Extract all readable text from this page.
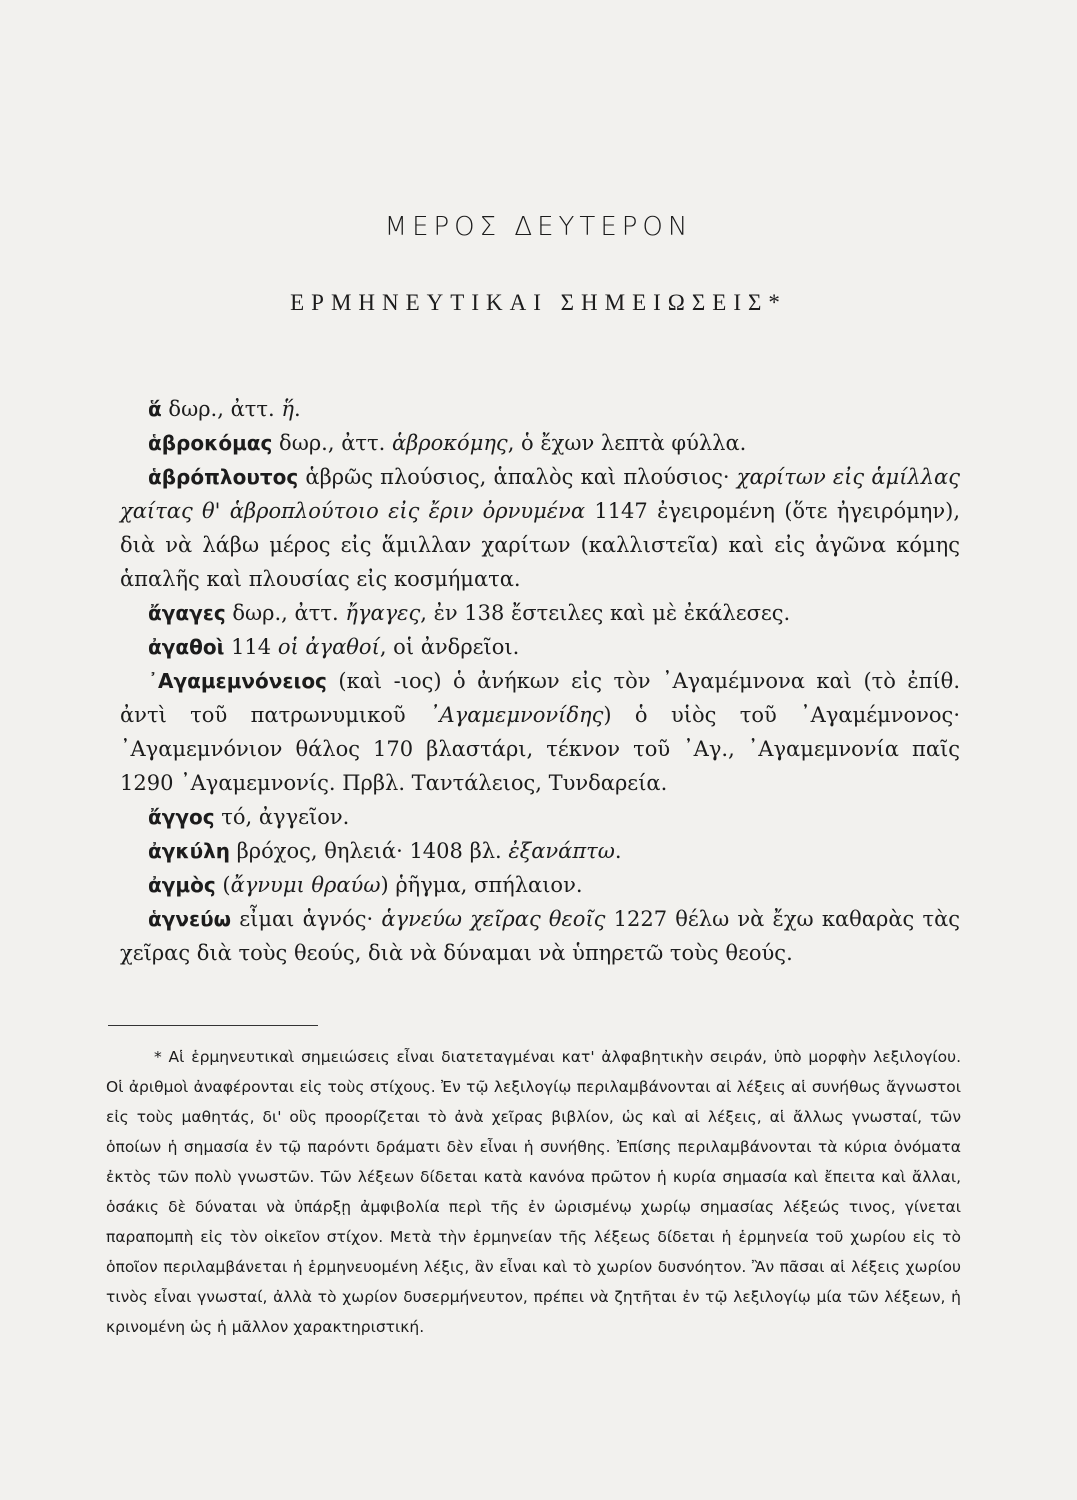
ΜΕΡΟΣ ΔΕΥΤΕΡΟΝ
ΕΡΜΗΝΕΥΤΙΚΑΙ ΣΗΜΕΙΩΣΕΙΣ*

ἅ δωρ., ἀττ. ἥ.

ἁβροκόμας δωρ., ἀττ. ἁβροκόμης, ὁ ἔχων λεπτὰ φύλλα.

ἁβρόπλουτος ἁβρῶς πλούσιος, ἁπαλὸς καὶ πλούσιος· χαρίτων εἰς ἁμίλλας χαίτας θ' ἁβροπλούτοιο εἰς ἔριν ὀρνυμένα 1147 ἐγειρομένη (ὅτε ἠγειρόμην), διὰ νὰ λάβω μέρος εἰς ἅμιλλαν χαρίτων (καλλιστεῖα) καὶ εἰς ἀγῶνα κόμης ἁπαλῆς καὶ πλουσίας εἰς κοσμήματα.

ἄγαγες δωρ., ἀττ. ἤγαγες, ἐν 138 ἔστειλες καὶ μὲ ἐκάλεσες.

ἀγαθοὶ 114 οἱ ἀγαθοί, οἱ ἀνδρεῖοι.

᾿Αγαμεμνόνειος (καὶ -ιος) ὁ ἀνήκων εἰς τὸν ᾿Αγαμέμνονα καὶ (τὸ ἐπίθ. ἀντὶ τοῦ πατρωνυμικοῦ ᾿Αγαμεμνονίδης) ὁ υἱὸς τοῦ ᾿Αγαμέμνονος· ᾿Αγαμεμνόνιον θάλος 170 βλαστάρι, τέκνον τοῦ ᾿Αγ., ᾿Αγαμεμνονία παῖς 1290 ᾿Αγαμεμνονίς. Πρβλ. Ταντάλειος, Τυνδαρεία.

ἄγγος τό, ἀγγεῖον.

ἀγκύλη βρόχος, θηλειά· 1408 βλ. ἐξανάπτω.

ἀγμὸς (ἄγνυμι θραύω) ῥῆγμα, σπήλαιον.

ἁγνεύω εἶμαι ἁγνός· ἁγνεύω χεῖρας θεοῖς 1227 θέλω νὰ ἔχω καθαρὰς τὰς χεῖρας διὰ τοὺς θεούς, διὰ νὰ δύναμαι νὰ ὑπηρετῶ τοὺς θεούς.

* Αἱ ἑρμηνευτικαὶ σημειώσεις εἶναι διατεταγμέναι κατ' ἀλφαβητικὴν σειράν, ὑπὸ μορφὴν λεξιλογίου. Οἱ ἀριθμοὶ ἀναφέρονται εἰς τοὺς στίχους. Ἐν τῷ λεξιλογίῳ περιλαμβάνονται αἱ λέξεις αἱ συνήθως ἄγνωστοι εἰς τοὺς μαθητάς, δι' οὓς προορίζεται τὸ ἀνὰ χεῖρας βιβλίον, ὡς καὶ αἱ λέξεις, αἱ ἄλλως γνωσταί, τῶν ὁποίων ἡ σημασία ἐν τῷ παρόντι δράματι δὲν εἶναι ἡ συνήθης. Ἐπίσης περιλαμβάνονται τὰ κύρια ὀνόματα ἐκτὸς τῶν πολὺ γνωστῶν. Τῶν λέξεων δίδεται κατὰ κανόνα πρῶτον ἡ κυρία σημασία καὶ ἔπειτα καὶ ἄλλαι, ὁσάκις δὲ δύναται νὰ ὑπάρξῃ ἀμφιβολία περὶ τῆς ἐν ὡρισμένῳ χωρίῳ σημασίας λέξεώς τινος, γίνεται παραπομπὴ εἰς τὸν οἰκεῖον στίχον. Μετὰ τὴν ἑρμηνείαν τῆς λέξεως δίδεται ἡ ἑρμηνεία τοῦ χωρίου εἰς τὸ ὁποῖον περιλαμβάνεται ἡ ἑρμηνευομένη λέξις, ἂν εἶναι καὶ τὸ χωρίον δυσνόητον. Ἂν πᾶσαι αἱ λέξεις χωρίου τινὸς εἶναι γνωσταί, ἀλλὰ τὸ χωρίον δυσερμήνευτον, πρέπει νὰ ζητῆται ἐν τῷ λεξιλογίῳ μία τῶν λέξεων, ἡ κρινομένη ὡς ἡ μᾶλλον χαρακτηριστική.
